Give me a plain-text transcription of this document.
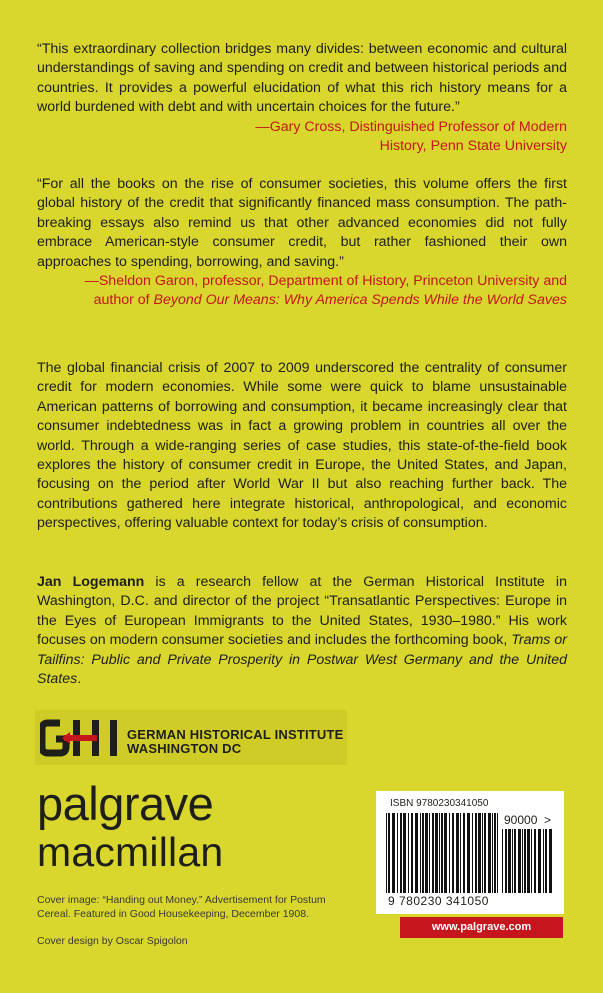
“This extraordinary collection bridges many divides: between economic and cultural understandings of saving and spending on credit and between historical periods and countries. It provides a powerful elucidation of what this rich history means for a world burdened with debt and with uncertain choices for the future.”

—Gary Cross, Distinguished Professor of Modern
History, Penn State University

“For all the books on the rise of consumer societies, this volume offers the first global history of the credit that significantly financed mass consumption. The path-breaking essays also remind us that other advanced economies did not fully embrace American-style consumer credit, but rather fashioned their own approaches to spending, borrowing, and saving.”

—Sheldon Garon, professor, Department of History, Princeton University and
author of Beyond Our Means: Why America Spends While the World Saves

The global financial crisis of 2007 to 2009 underscored the centrality of consumer credit for modern economies. While some were quick to blame unsustainable American patterns of borrowing and consumption, it became increasingly clear that consumer indebtedness was in fact a growing problem in countries all over the world. Through a wide-ranging series of case studies, this state-of-the-field book explores the history of consumer credit in Europe, the United States, and Japan, focusing on the period after World War II but also reaching further back. The contributions gathered here integrate historical, anthropological, and economic perspectives, offering valuable context for today’s crisis of consumption.

Jan Logemann is a research fellow at the German Historical Institute in Washington, D.C. and director of the project “Transatlantic Perspectives: Europe in the Eyes of European Immigrants to the United States, 1930–1980.” His work focuses on modern consumer societies and includes the forthcoming book, Trams or Tailfins: Public and Private Prosperity in Postwar West Germany and the United States.

GHI
GERMAN HISTORICAL INSTITUTE
WASHINGTON DC
palgrave
macmillan
Cover image: “Handing out Money.” Advertisement for Postum Cereal. Featured in Good Housekeeping, December 1908.
Cover design by Oscar Spigolon
ISBN 9780230341050
90000 >
9 780230 341050
www.palgrave.com
